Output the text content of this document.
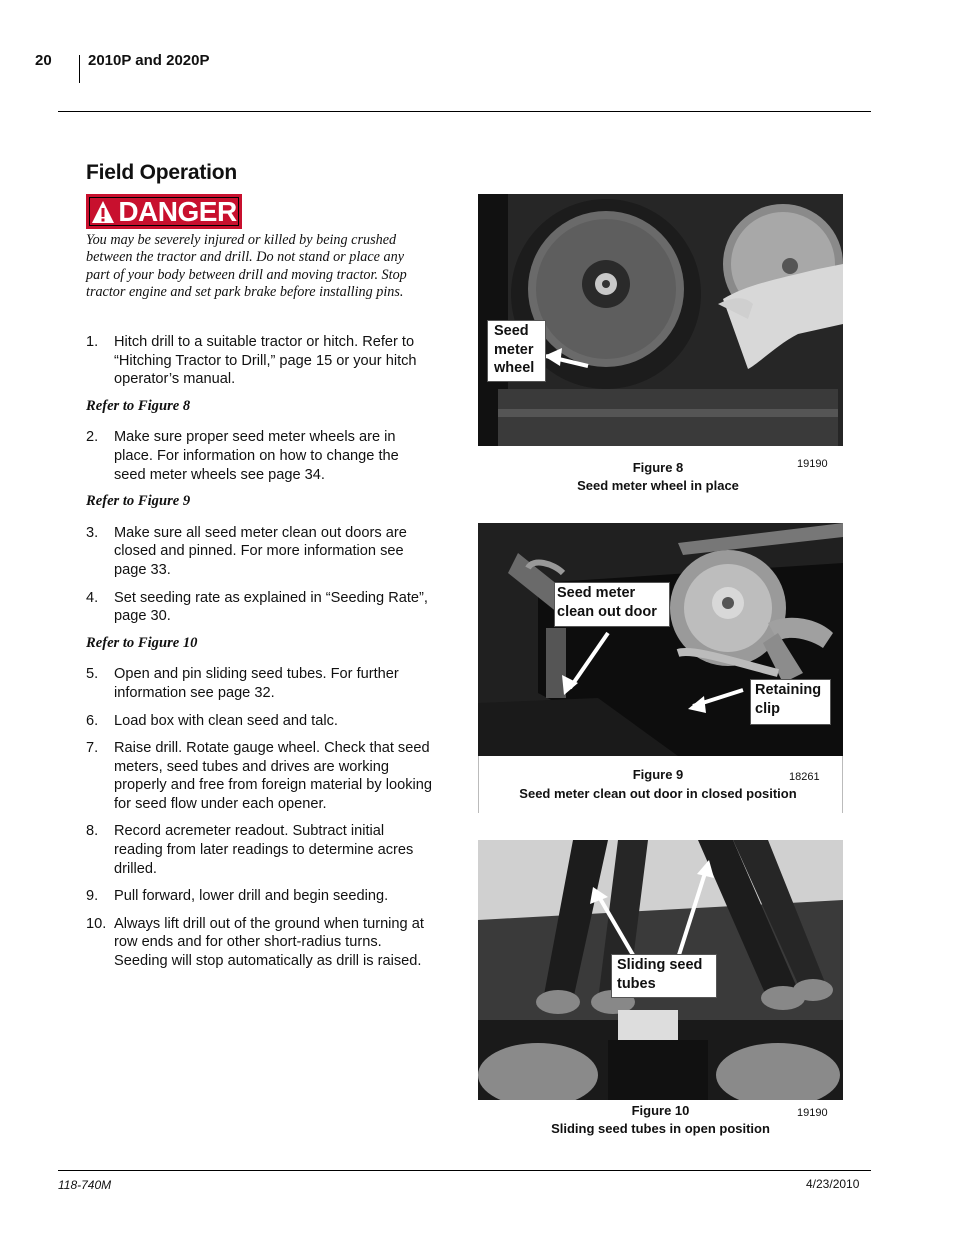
20 2010P and 2020P
Field Operation
DANGER
You may be severely injured or killed by being crushed between the tractor and drill. Do not stand or place any part of your body between drill and moving tractor. Stop tractor engine and set park brake before installing pins.
1.	Hitch drill to a suitable tractor or hitch. Refer to “Hitching Tractor to Drill,” page 15 or your hitch operator’s manual.
Refer to Figure 8
2.	Make sure proper seed meter wheels are in place. For information on how to change the seed meter wheels see page 34.
Refer to Figure 9
3.	Make sure all seed meter clean out doors are closed and pinned. For more information see page 33.
4.	Set seeding rate as explained in “Seeding Rate”, page 30.
Refer to Figure 10
5.	Open and pin sliding seed tubes. For further information see page 32.
6.	Load box with clean seed and talc.
7.	Raise drill. Rotate gauge wheel. Check that seed meters, seed tubes and drives are working properly and free from foreign material by looking for seed flow under each opener.
8.	Record acremeter readout. Subtract initial reading from later readings to determine acres drilled.
9.	Pull forward, lower drill and begin seeding.
10. Always lift drill out of the ground when turning at row ends and for other short-radius turns. Seeding will stop automatically as drill is raised.
Seed meter wheel
Figure 8
Seed meter wheel in place
19190
Seed meter clean out door
Retaining clip
Figure 9
Seed meter clean out door in closed position
18261
Sliding seed tubes
Figure 10
Sliding seed tubes in open position
19190
118-740M	4/23/2010
